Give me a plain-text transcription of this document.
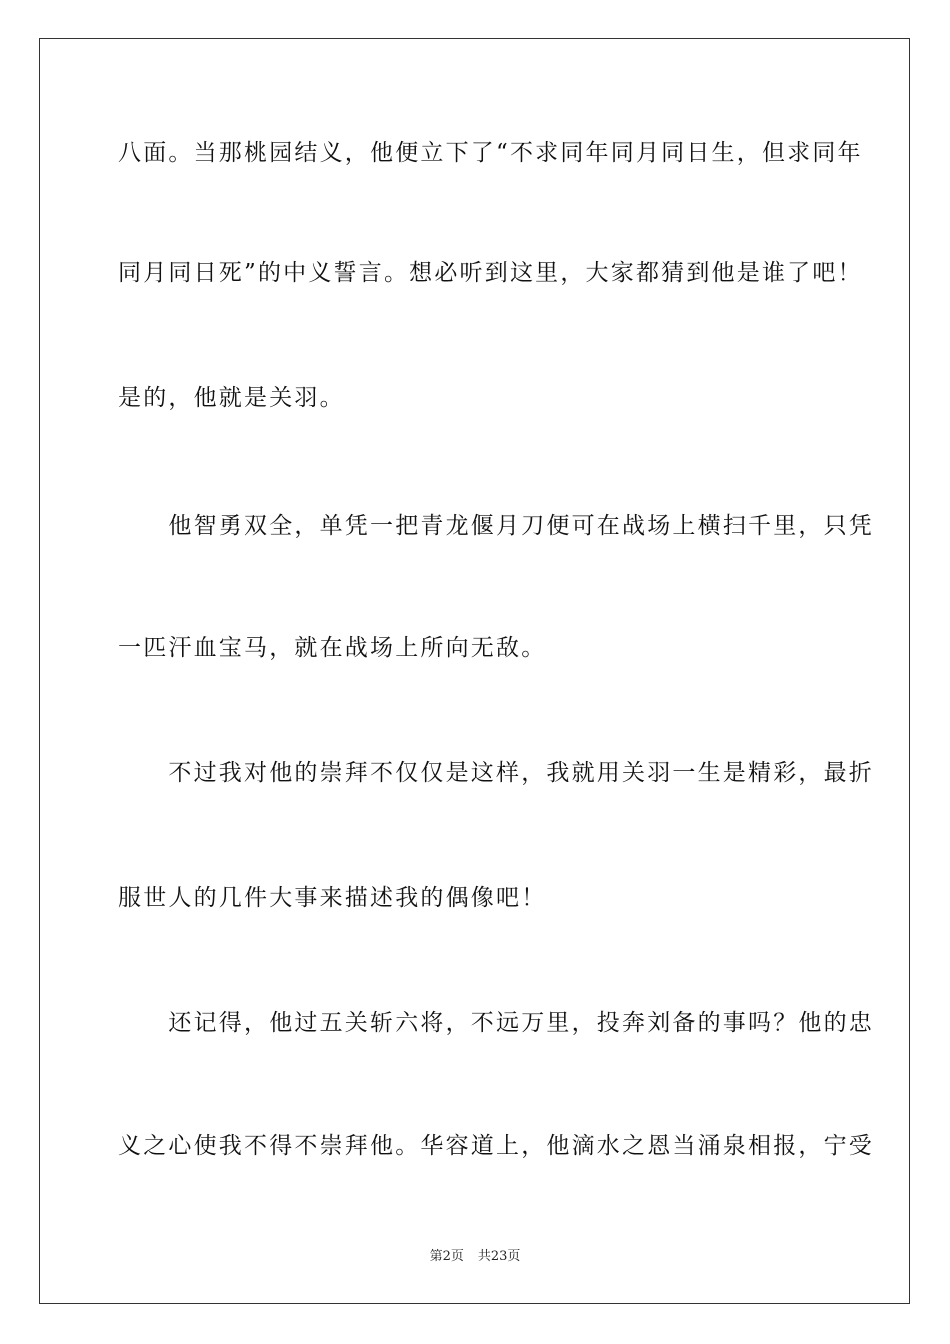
八面。当那桃园结义，他便立下了“不求同年同月同日生，但求同年
同月同日死”的中义誓言。想必听到这里，大家都猜到他是谁了吧！
是的，他就是关羽。
　　他智勇双全，单凭一把青龙偃月刀便可在战场上横扫千里，只凭
一匹汗血宝马，就在战场上所向无敌。
　　不过我对他的崇拜不仅仅是这样，我就用关羽一生是精彩，最折
服世人的几件大事来描述我的偶像吧！
　　还记得，他过五关斩六将，不远万里，投奔刘备的事吗？他的忠
义之心使我不得不崇拜他。华容道上，他滴水之恩当涌泉相报，宁受
第2页 共23页
